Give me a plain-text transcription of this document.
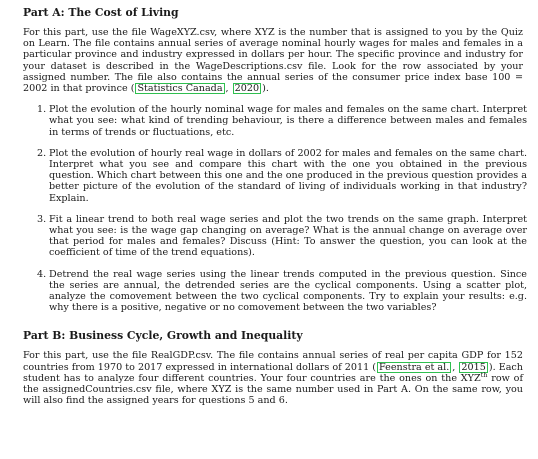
Part A: The Cost of Living

For this part, use the file WageXYZ.csv, where XYZ is the number that is assigned to you by the Quiz on Learn. The file contains annual series of average nominal hourly wages for males and females in a particular province and industry expressed in dollars per hour. The specific province and industry for your dataset is described in the WageDescriptions.csv file. Look for the row associated by your assigned number. The file also contains the annual series of the consumer price index base 100 = 2002 in that province ( Statistics Canada , 2020 ).

1. Plot the evolution of the hourly nominal wage for males and females on the same chart. Interpret what you see: what kind of trending behaviour, is there a difference between males and females in terms of trends or fluctuations, etc.
2. Plot the evolution of hourly real wage in dollars of 2002 for males and females on the same chart. Interpret what you see and compare this chart with the one you obtained in the previous question. Which chart between this one and the one produced in the previous question provides a better picture of the evolution of the standard of living of individuals working in that industry? Explain.
3. Fit a linear trend to both real wage series and plot the two trends on the same graph. Interpret what you see: is the wage gap changing on average? What is the annual change on average over that period for males and females? Discuss (Hint: To answer the question, you can look at the coefficient of time of the trend equations).
4. Detrend the real wage series using the linear trends computed in the previous question. Since the series are annual, the detrended series are the cyclical components. Using a scatter plot, analyze the comovement between the two cyclical components. Try to explain your results: e.g. why there is a positive, negative or no comovement between the two variables?
Part B: Business Cycle, Growth and Inequality

For this part, use the file RealGDP.csv. The file contains annual series of real per capita GDP for 152 countries from 1970 to 2017 expressed in international dollars of 2011 ( Feenstra et al. , 2015 ). Each student has to analyze four different countries. Your four countries are the ones on the $XYZ^{th}$ row of the assignedCountries.csv file, where XYZ is the same number used in Part A. On the same row, you will also find the assigned years for questions 5 and 6.
